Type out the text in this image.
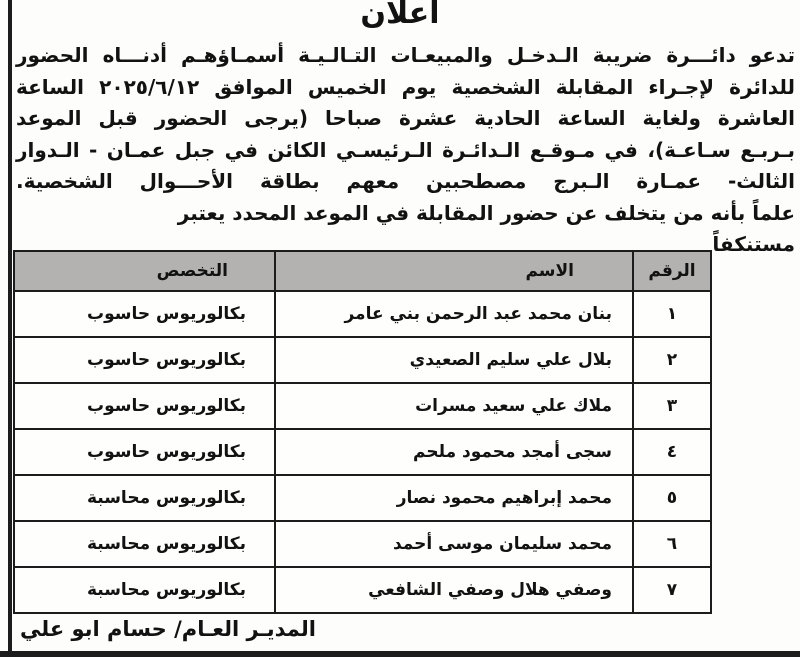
اعلان
تدعو دائـــرة ضريبة الـدخـل والمبيعـات التـالـيـة أسمـاؤهـم أدنـــاه الحضور
للدائرة لإجـراء المقابلة الشخصية يوم الخميس الموافق ٢٠٢٥/٦/١٢ الساعة
العاشرة ولغاية الساعة الحادية عشرة صباحا (يرجى الحضور قبل الموعد
بـربـع سـاعـة)، في مـوقـع الـدائـرة الـرئيسـي الكائن في جبل عمـان - الـدوار
الثالث- عمـارة الـبرج مصطحبين معهم بطاقة الأحـــوال الشخصية.
علماً بأنه من يتخلف عن حضور المقابلة في الموعد المحدد يعتبر مستنكفاً
الرقم	الاسم	التخصص
١	بنان محمد عبد الرحمن بني عامر	بكالوريوس حاسوب
٢	بلال علي سليم الصعيدي	بكالوريوس حاسوب
٣	ملاك علي سعيد مسرات	بكالوريوس حاسوب
٤	سجى أمجد محمود ملحم	بكالوريوس حاسوب
٥	محمد إبراهيم محمود نصار	بكالوريوس محاسبة
٦	محمد سليمان موسى أحمد	بكالوريوس محاسبة
٧	وصفي هلال وصفي الشافعي	بكالوريوس محاسبة
المديـر العـام/ حسام ابو علي
